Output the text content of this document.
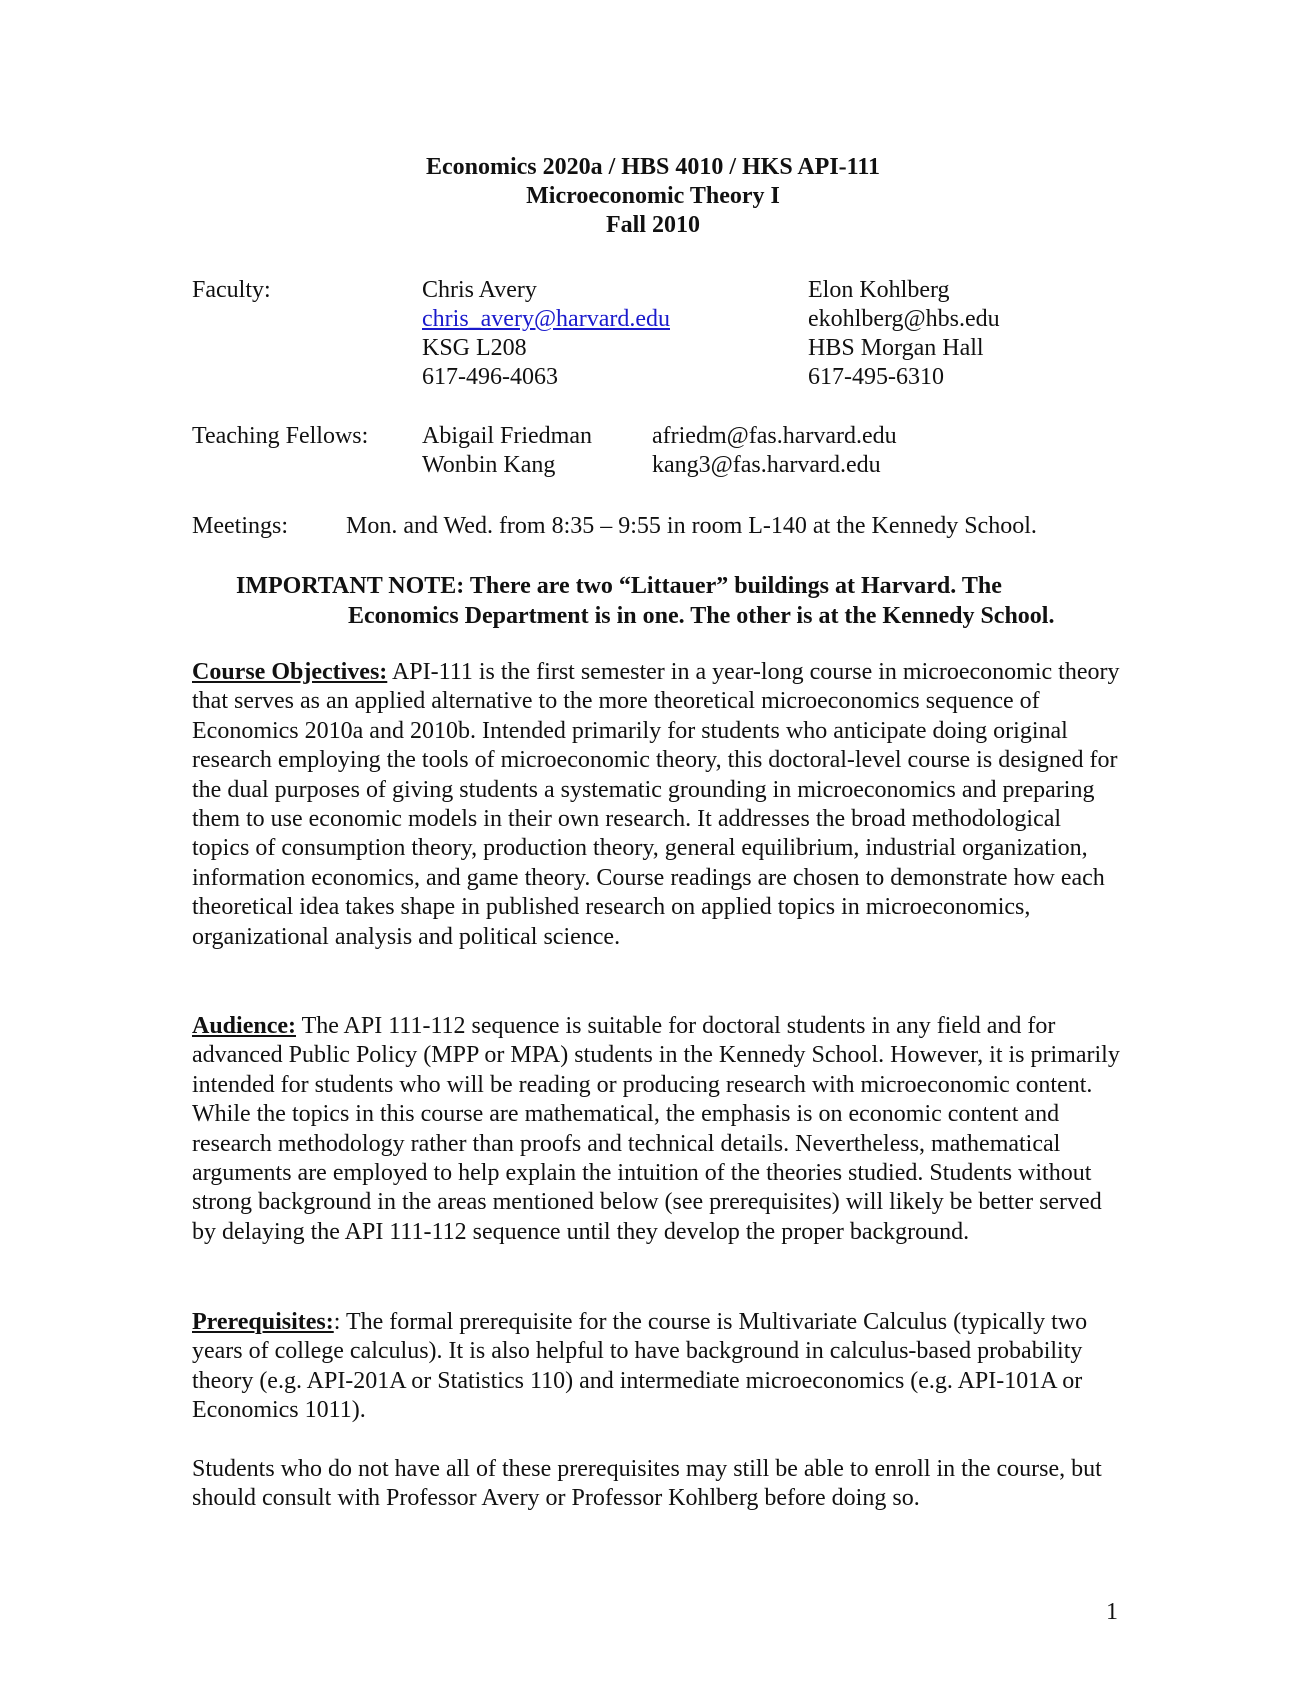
Economics 2020a / HBS 4010 / HKS API-111
Microeconomic Theory I
Fall 2010
Faculty:	Chris Avery
chris_avery@harvard.edu
KSG L208
617-496-4063
Elon Kohlberg
ekohlberg@hbs.edu
HBS Morgan Hall
617-495-6310
Teaching Fellows: Abigail Friedman
Wonbin Kang
afriedm@fas.harvard.edu
kang3@fas.harvard.edu
Meetings: Mon. and Wed. from 8:35 – 9:55 in room L-140 at the Kennedy School.
IMPORTANT NOTE: There are two “Littauer” buildings at Harvard. The
Economics Department is in one. The other is at the Kennedy School.

Course Objectives: API-111 is the first semester in a year-long course in microeconomic theory that serves as an applied alternative to the more theoretical microeconomics sequence of Economics 2010a and 2010b. Intended primarily for students who anticipate doing original research employing the tools of microeconomic theory, this doctoral-level course is designed for the dual purposes of giving students a systematic grounding in microeconomics and preparing them to use economic models in their own research. It addresses the broad methodological topics of consumption theory, production theory, general equilibrium, industrial organization, information economics, and game theory. Course readings are chosen to demonstrate how each theoretical idea takes shape in published research on applied topics in microeconomics, organizational analysis and political science.

Audience: The API 111-112 sequence is suitable for doctoral students in any field and for advanced Public Policy (MPP or MPA) students in the Kennedy School. However, it is primarily intended for students who will be reading or producing research with microeconomic content. While the topics in this course are mathematical, the emphasis is on economic content and research methodology rather than proofs and technical details. Nevertheless, mathematical arguments are employed to help explain the intuition of the theories studied. Students without strong background in the areas mentioned below (see prerequisites) will likely be better served by delaying the API 111-112 sequence until they develop the proper background.

Prerequisites:: The formal prerequisite for the course is Multivariate Calculus (typically two years of college calculus). It is also helpful to have background in calculus-based probability theory (e.g. API-201A or Statistics 110) and intermediate microeconomics (e.g. API-101A or Economics 1011).

Students who do not have all of these prerequisites may still be able to enroll in the course, but should consult with Professor Avery or Professor Kohlberg before doing so.

1
